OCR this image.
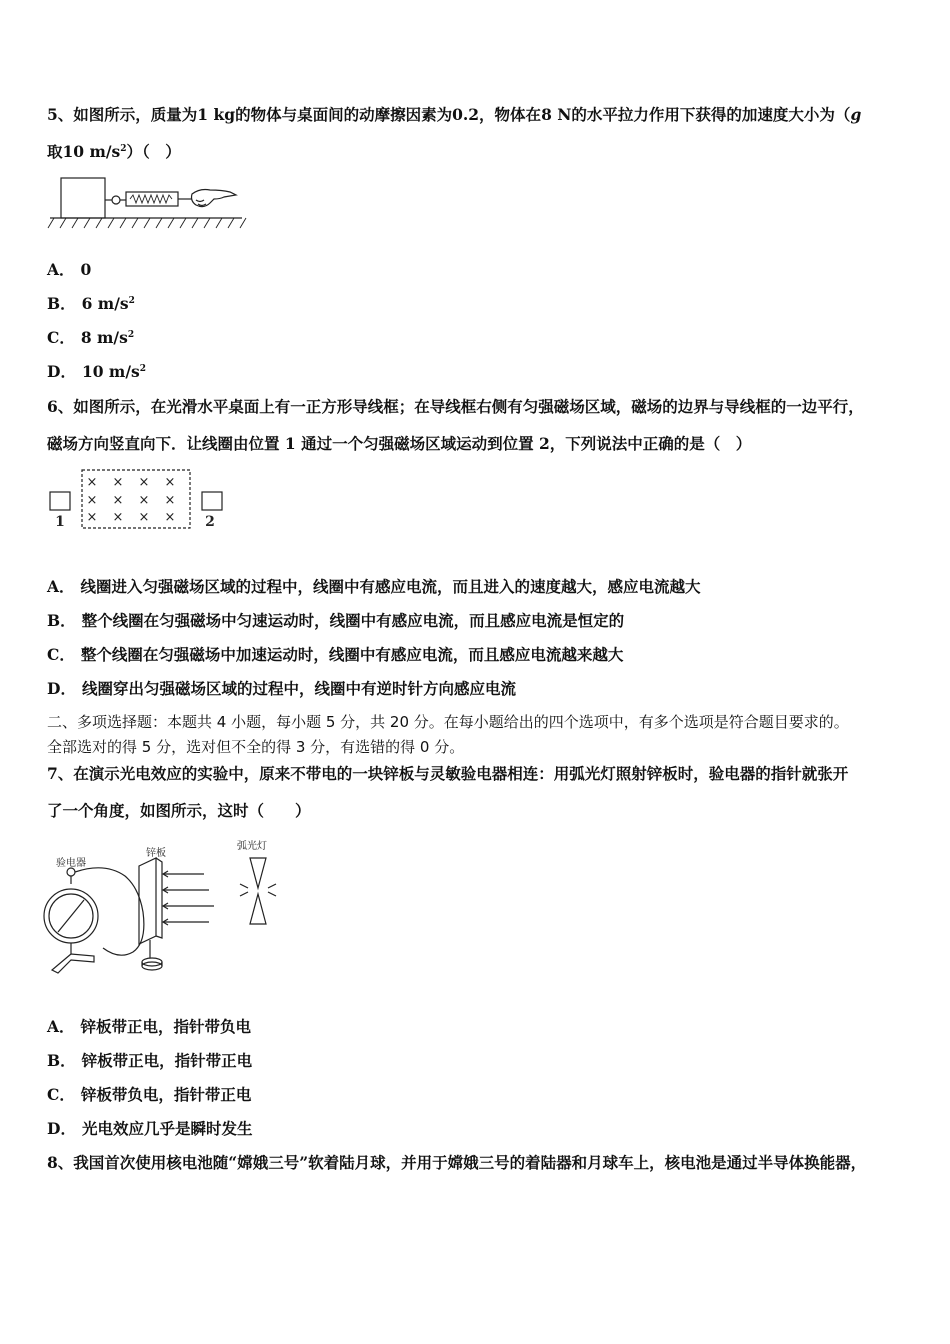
5、如图所示，质量为1 kg的物体与桌面间的动摩擦因素为0.2，物体在8 N的水平拉力作用下获得的加速度大小为（g
取10 $m/s^2$）（　）
A． 0
B． 6 $m/s^2$
C． 8 $m/s^2$
D． 10 $m/s^2$
6、如图所示，在光滑水平桌面上有一正方形导线框；在导线框右侧有匀强磁场区域，磁场的边界与导线框的一边平行，
磁场方向竖直向下．让线圈由位置 1 通过一个匀强磁场区域运动到位置 2，下列说法中正确的是（　）
× × × ×
× × × ×
× × × ×
1	2
A． 线圈进入匀强磁场区域的过程中，线圈中有感应电流，而且进入的速度越大，感应电流越大
B． 整个线圈在匀强磁场中匀速运动时，线圈中有感应电流，而且感应电流是恒定的
C． 整个线圈在匀强磁场中加速运动时，线圈中有感应电流，而且感应电流越来越大
D． 线圈穿出匀强磁场区域的过程中，线圈中有逆时针方向感应电流
二、多项选择题：本题共 4 小题，每小题 5 分，共 20 分。在每小题给出的四个选项中，有多个选项是符合题目要求的。
全部选对的得 5 分，选对但不全的得 3 分，有选错的得 0 分。
7、在演示光电效应的实验中，原来不带电的一块锌板与灵敏验电器相连：用弧光灯照射锌板时，验电器的指针就张开
了一个角度，如图所示，这时（　　）
验电器
锌板
弧光灯
A． 锌板带正电，指针带负电
B． 锌板带正电，指针带正电
C． 锌板带负电，指针带正电
D． 光电效应几乎是瞬时发生
8、我国首次使用核电池随“嫦娥三号”软着陆月球，并用于嫦娥三号的着陆器和月球车上，核电池是通过半导体换能器，
